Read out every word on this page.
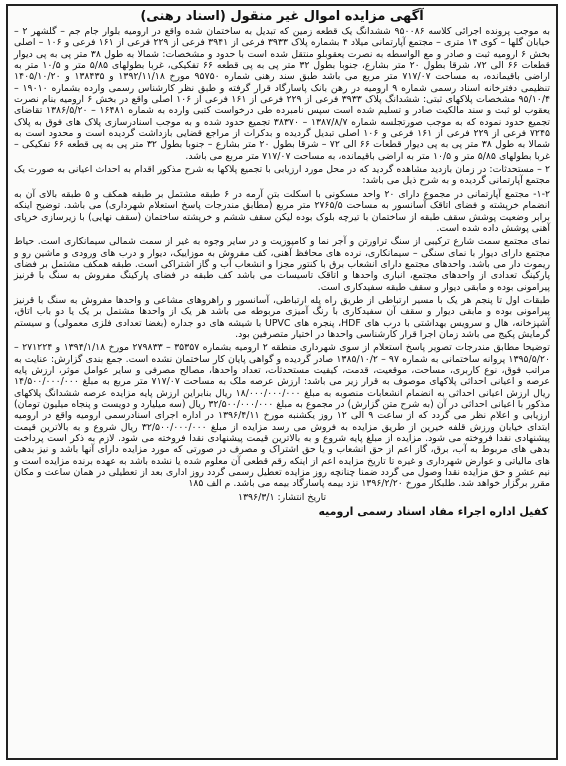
آگهی مزایده اموال غیر منقول (اسناد رهنی)

به موجب پرونده اجرائی کلاسه ۹۵۰۰۸۶ ششدانگ یک قطعه زمین که تبدیل به ساختمان شده واقع در ارومیه بلوار جام جم – گلشهر ۲ – خیابان گلها – کوی ۱۴ متری – مجتمع آپارتمانی میلاد ۴ بشماره پلاک ۳۹۳۳ فرعی از ۳۹۴۱ فرعی از ۲۲۹ فرعی از ۱۶۱ فرعی و ۱۰۶ – اصلی بخش ۶ ارومیه ثبت و صادر و مع الواسطه به نصرت یعقوبلو منتقل شده است با حدود و مشخصات: شمالا به طول ۳۸ متر پی به پی دیوار قطعات ۶۶ الی ۷۲، شرقا بطول ۲۰ متر بشارع، جنوبا بطول ۳۲ متر پی به پی قطعه ۶۶ تفکیکی، غربا بطولهای ۵/۸۵ متر و ۱۰/۵ متر به اراضی باقیمانده، به مساحت ۷۱۷/۰۷ متر مربع می باشد طبق سند رهنی شماره ۹۵۷۵۰ مورخ ۱۳۹۲/۱۱/۱۸ و ۱۳۸۴۳۵ و ۱۴۰۵/۱۰/۲۰ تنظیمی دفترخانه اسناد رسمی شماره ۹ ارومیه در رهن بانک پاسارگاد قرار گرفته و طبق نظر کارشناس رسمی وارده بشماره ۱۹۰۱۰ – ۹۵/۱۰/۴ مشخصات پلاکهای ثبتی: ششدانگ پلاک ۳۹۳۳ فرعی از ۲۲۹ فرعی از ۱۶۱ فرعی از ۱۰۶ اصلی واقع در بخش ۶ ارومیه بنام نصرت یعقوب لو ثبت و سند مالکیت صادر و تسلیم شده است سپس نامبرده طی درخواست کتبی وارده به شماره ۱۶۴۸۱ – ۱۳۸۶/۵/۲۰ تقاضای تجمیع حدود نموده که به موجب صورتجلسه شماره ۱۳۸۷/۸/۷ – ۳۸۳۷۰ تجمیع حدود شده و به موجب اسنادرسازی پلاک های فوق به پلاک ۷۲۴۵ فرعی از ۲۲۹ فرعی از ۱۶۱ فرعی و ۱۰۶ اصلی تبدیل گردیده و بدکرات از مراجع قضایی بازداشت گردیده است و محدود است به شمالا به طول ۳۸ متر پی به پی دیوار قطعات ۶۶ الی ۷۲ – شرقا بطول ۲۰ متر بشارع – جنوبا بطول ۳۲ متر پی به پی قطعه ۶۶ تفکیکی – غربا بطولهای ۵/۸۵ متر و ۱۰/۵ متر به اراضی باقیمانده، به مساحت ۷۱۷/۰۷ متر مربع می باشد.

۲ – مستحدثات: در زمان بازدید مشاهده گردید که در محل مورد ارزیابی با تجمیع پلاکها به شرح مذکور اقدام به احداث اعیانی به صورت یک مجتمع آپارتمانی گردیده و به شرح ذیل می باشد:

۱-۲- مجتمع آپارتمانی در مجموع دارای ۲۰ واحد مسکونی با اسکلت بتن آرمه در ۶ طبقه مشتمل بر طبقه همکف و ۵ طبقه بالای آن به انضمام خرپشته و فضای اتاقک آسانسور به مساحت ۲۷۶۵/۵ متر مربع (مطابق مندرجات پاسخ استعلام شهرداری) می باشد. توضیح اینکه برابر وضعیت پوشش سقف طبقه از ساختمان با تیرچه بلوک بوده لیکن سقف ششم و خرپشته ساختمان (سقف نهایی) با زیرسازی خرپای آهنی پوشش داده شده است.

نمای مجتمع سمت شارع ترکیبی از سنگ تراورتن و آجر نما و کامپوزیت و در سایر وجوه به غیر از سمت شمالی سیمانکاری است. حیاط مجتمع دارای دیوار با نمای سنگی – سیمانکاری، نرده های محافظ آهنی، کف مفروش به موزاییک، دیوار و درب های ورودی و ماشین رو و ریموت دار می باشد. واحدهای مجتمع دارای انشعاب برق با کنتور مجزا و انشعاب آب و گاز اشتراکی است. طبقه همکف مشتمل بر فضای پارکینگ تعدادی از واحدهای مجتمع، انباری واحدها و اتاقک تاسیسات می باشد کف طبقه در فضای پارکینگ مفروش به سنگ با قرنیز پیرامونی بوده و مابقی دیوار و سقف طبقه سفیدکاری است.

طبقات اول تا پنجم هر یک با مسیر ارتباطی از طریق راه پله ارتباطی، آسانسور و راهروهای مشاعی و واحدها مفروش به سنگ با قرنیز پیرامونی بوده و مابقی دیوار و سقف آن سفیدکاری با رنگ آمیزی مربوطه می باشد هر یک از واحدها مشتمل بر یک یا دو باب اتاق، آشپزخانه، هال و سرویس بهداشتی با درب های HDF، پنجره های UPVC با شیشه های دو جداره (بغضا تعدادی فلزی معمولی) و سیستم گرمایش پکیج می باشد زمان اجرا قرار کارشناسی واحدها در اختیار متصرفین بود.

توضیحا مطابق مندرجات تصویر پاسخ استعلام از سوی شهرداری منطقه ۲ ارومیه بشماره ۳۵۳۵۷ – ۲۷۹۸۳۳ مورخ ۱۳۹۴/۱/۱۸ و ۲۷۱۲۲۴ – ۱۳۹۵/۵/۲۰ پروانه ساختمانی به شماره ۹۷ – ۱۳۸۵/۱۰/۲ صادر گردیده و گواهی پایان کار ساختمان نشده است. جمع بندی گزارش: عنایت به مراتب فوق، نوع کاربری، مساحت، موقعیت، قدمت، کیفیت مستحدثات، تعداد واحدها، مصالح مصرفی و سایر عوامل موثر، ارزش پایه عرصه و اعیانی احداثی پلاکهای موصوف به قرار زیر می باشد: ارزش عرصه ملک به مساحت ۷۱۷/۰۷ متر مربع به مبلغ ۱۴/۵۰۰/۰۰۰/۰۰۰ ریال ارزش اعیانی احداثی به انضمام انشعابات منصوبه به مبلغ ۱۸/۰۰۰/۰۰۰/۰۰۰ ریال بنابراین ارزش پایه مزایده عرصه ششدانگ پلاکهای مذکور با اعیانی احداثی در آن (به شرح متن گزارش) در مجموع به مبلغ ۳۲/۵۰۰/۰۰۰/۰۰۰ ریال (سه میلیارد و دویست و پنجاه میلیون تومان) ارزیابی و اعلام نظر می گردد که از ساعت ۹ الی ۱۲ روز یکشنبه مورخ ۱۳۹۶/۴/۱۱ در اداره اجرای اسنادرسمی ارومیه واقع در ارومیه ابتدای خیابان ورزش قلفه خیرین از طریق مزایده به فروش می رسد مزایده از مبلغ ۳۲/۵۰۰/۰۰۰/۰۰۰ ریال شروع و به بالاترین قیمت پیشنهادی نقدا فروخته می شود. مزایده از مبلغ پایه شروع و به بالاترین قیمت پیشنهادی نقدا فروخته می شود. لازم به ذکر است پرداخت بدهی های مربوط به آب، برق، گاز اعم از حق انشعاب و یا حق اشتراک و مصرف در صورتی که مورد مزایده دارای آنها باشد و نیز بدهی های مالیاتی و عوارض شهرداری و غیره تا تاریخ مزایده اعم از اینکه رقم قطعی آن معلوم شده یا نشده باشد به عهده برنده مزایده است و نیم عشر و حق مزایده نقدا وصول می گردد ضمنا چنانچه روز مزایده تعطیل رسمی گردد روز اداری بعد از تعطیلی در همان ساعت و مکان مقرر برگزار خواهد شد. طلبکار مورخ ۱۳۹۶/۲/۲۰ نزد بیمه پاسارگاد بیمه می باشد. م الف ۱۸۵

تاریخ انتشار: ۱۳۹۶/۳/۱
کفیل اداره اجراء مفاد اسناد رسمی ارومیه
